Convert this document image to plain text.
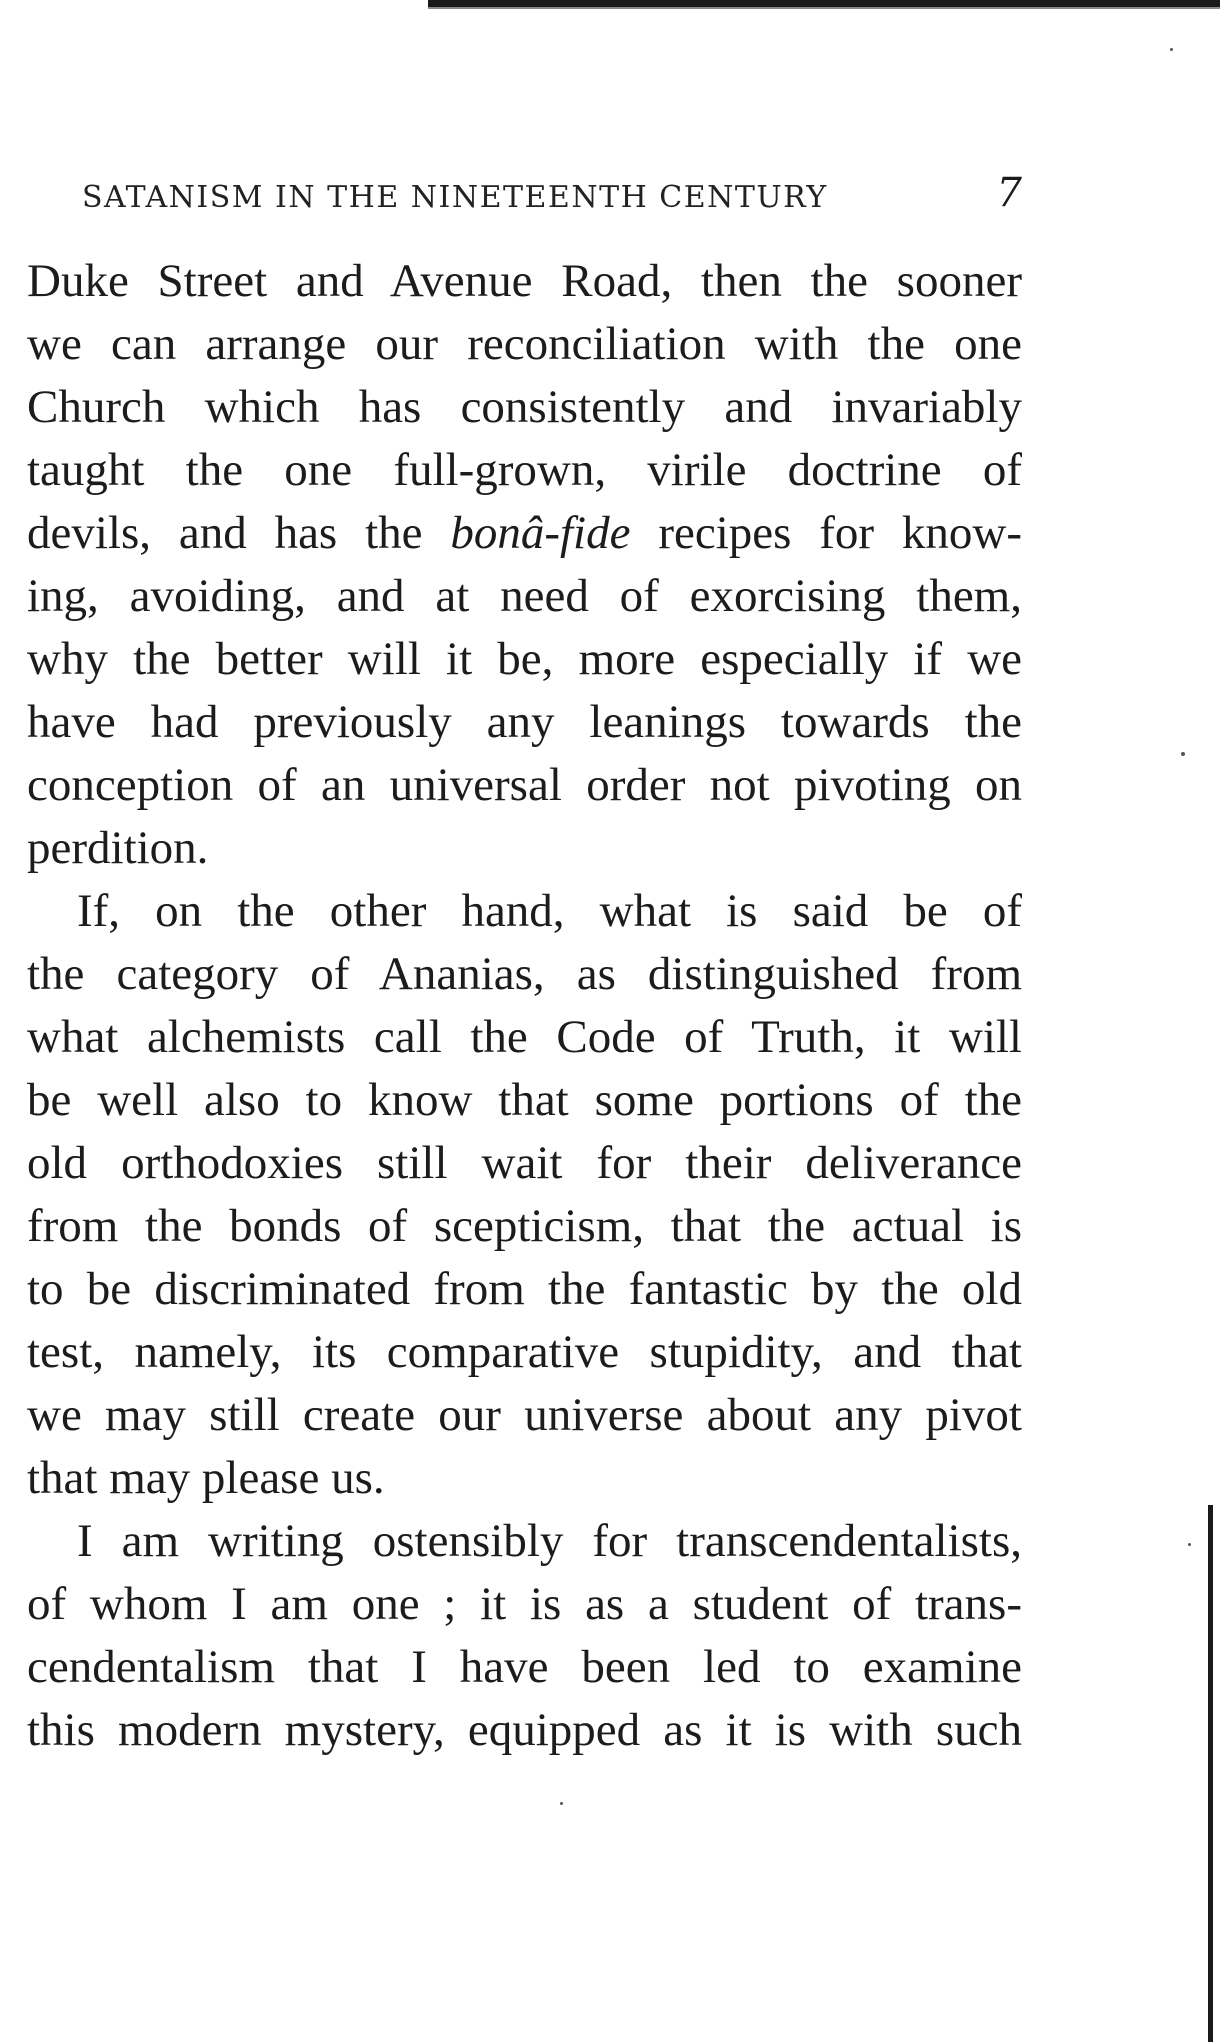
SATANISM IN THE NINETEENTH CENTURY	7
Duke Street and Avenue Road, then the sooner
we can arrange our reconciliation with the one
Church which has consistently and invariably
taught the one full-grown, virile doctrine of
devils, and has the bonâ-fide recipes for know-
ing, avoiding, and at need of exorcising them,
why the better will it be, more especially if we
have had previously any leanings towards the
conception of an universal order not pivoting on
perdition.
If, on the other hand, what is said be of
the category of Ananias, as distinguished from
what alchemists call the Code of Truth, it will
be well also to know that some portions of the
old orthodoxies still wait for their deliverance
from the bonds of scepticism, that the actual is
to be discriminated from the fantastic by the old
test, namely, its comparative stupidity, and that
we may still create our universe about any pivot
that may please us.
I am writing ostensibly for transcendentalists,
of whom I am one ; it is as a student of trans-
cendentalism that I have been led to examine
this modern mystery, equipped as it is with such
